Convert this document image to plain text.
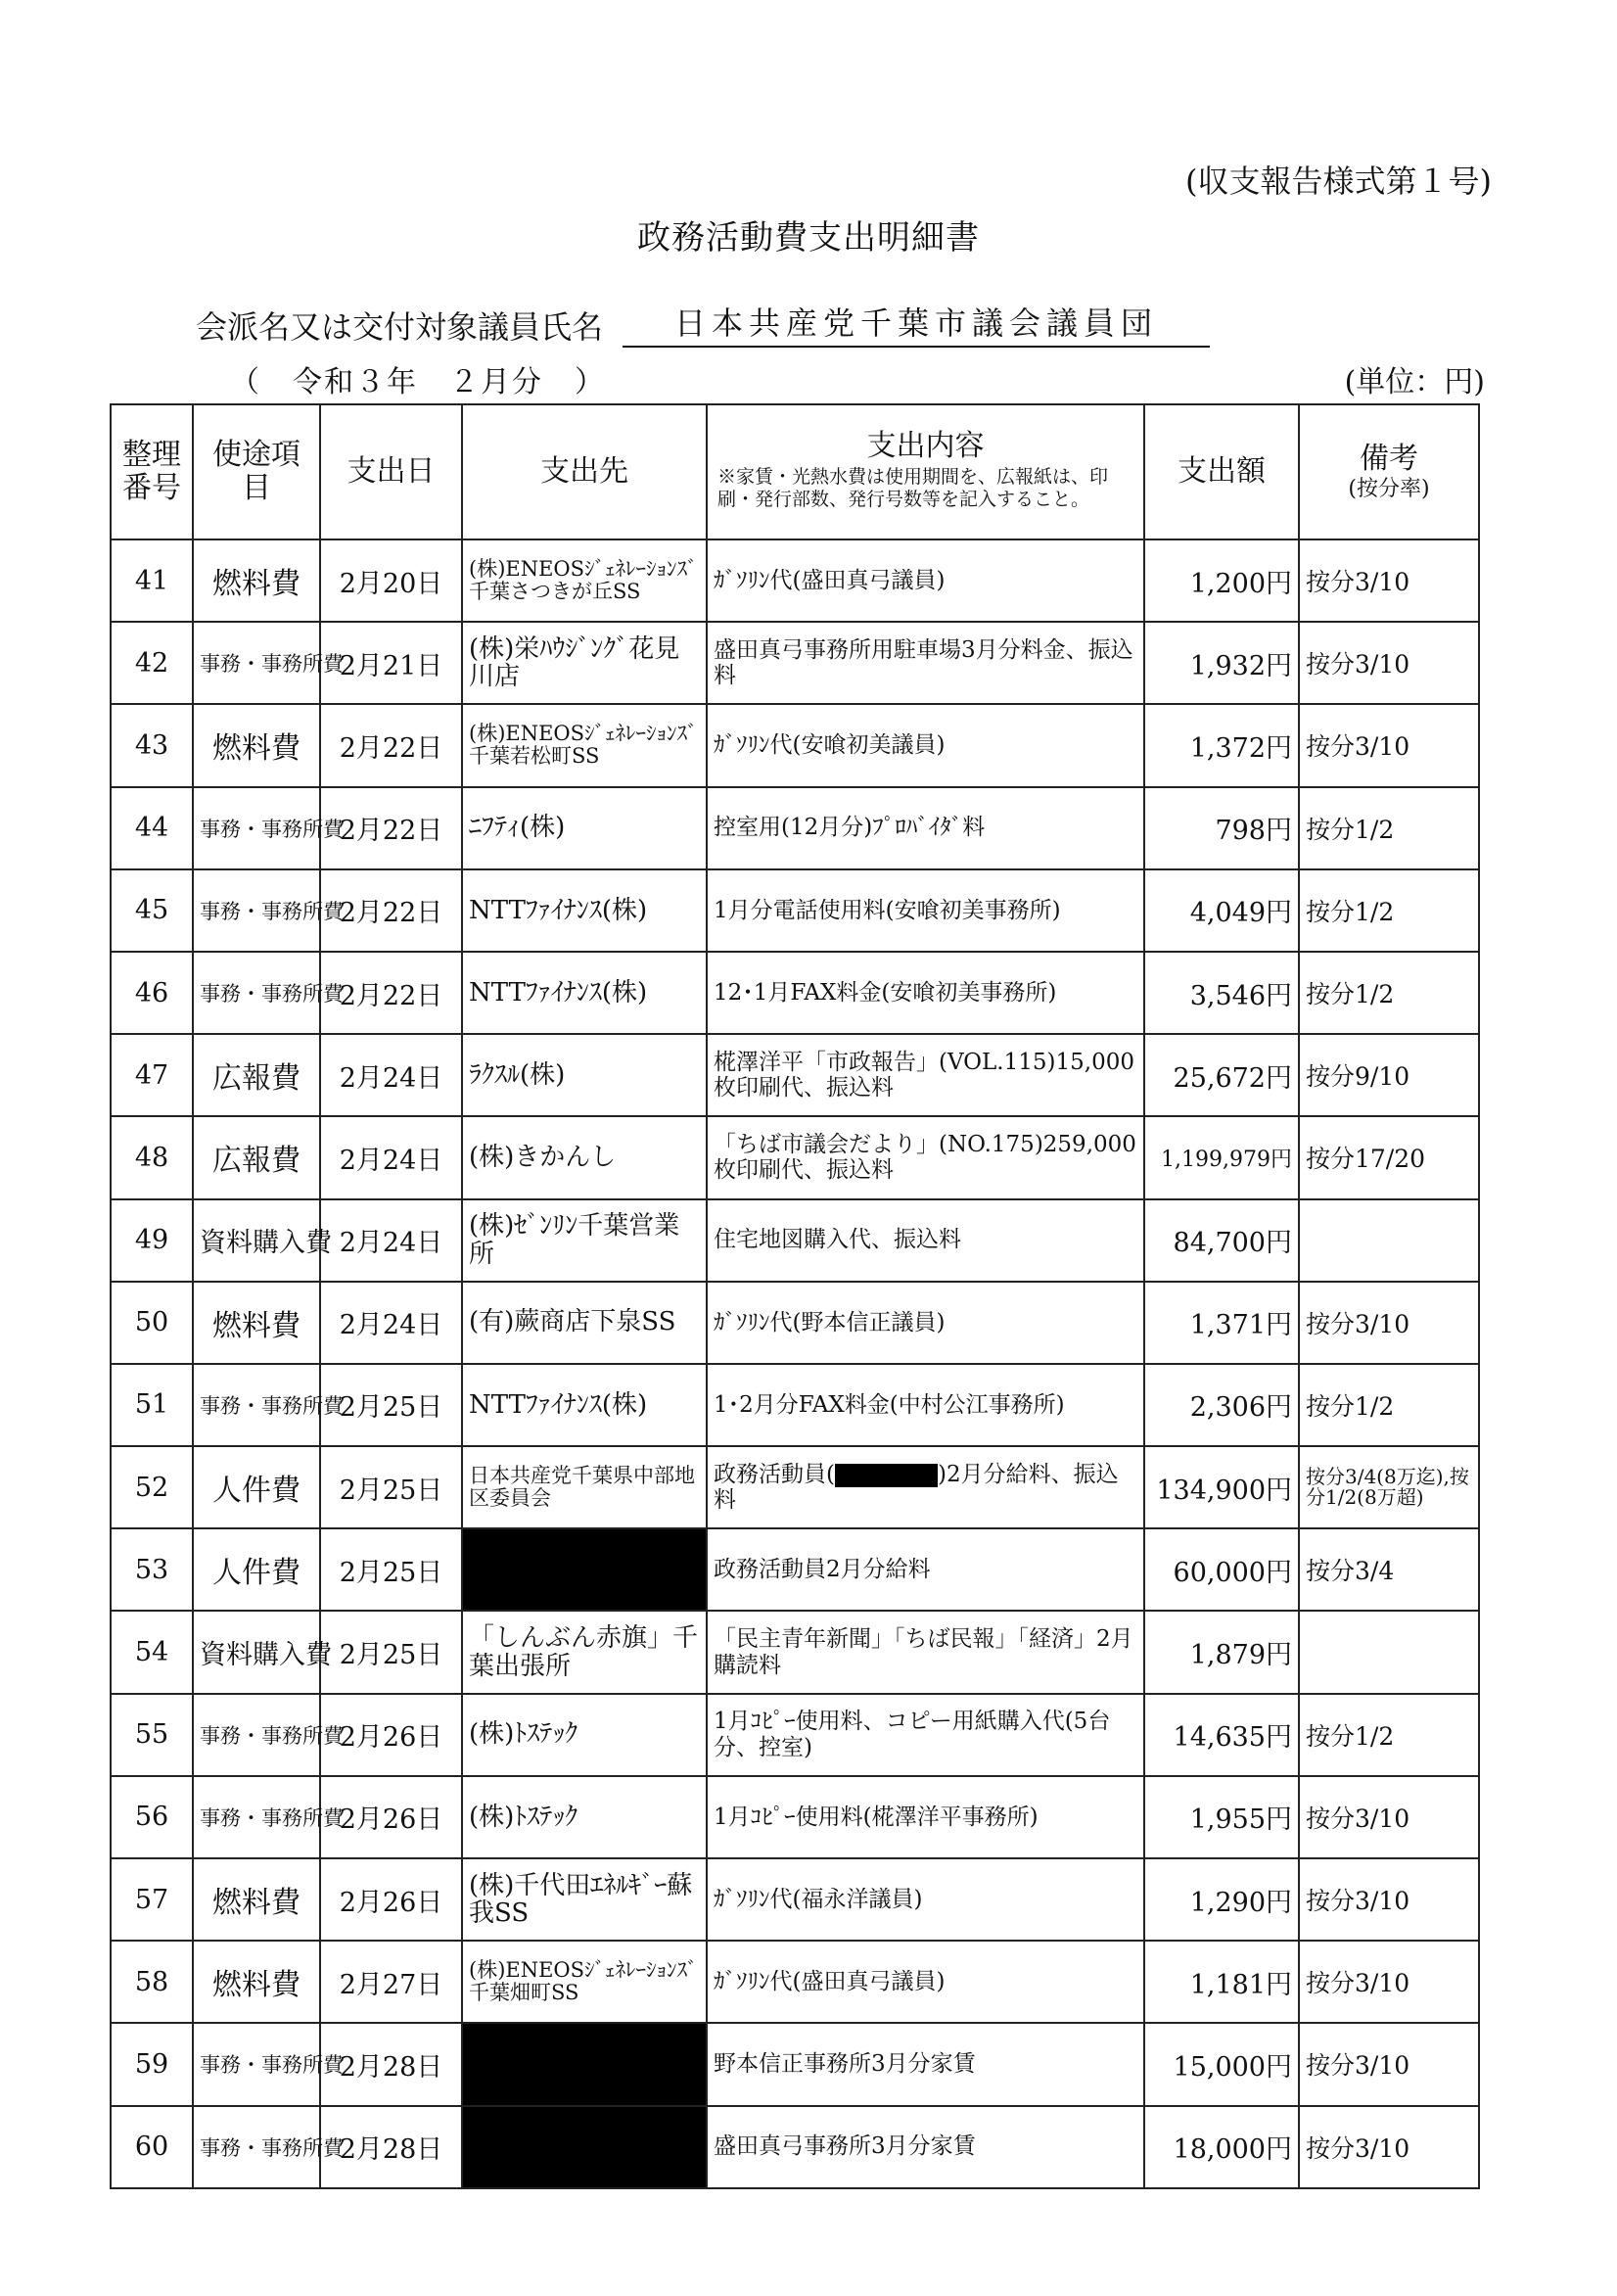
(収支報告様式第１号)
政務活動費支出明細書
会派名又は交付対象議員氏名	日本共産党千葉市議会議員団
（　令和３年　２月分　）	(単位：円)
整理
番号	使途項目	支出日	支出先	支出内容
※家賃・光熱水費は使用期間を、広報紙は、印刷・発行部数、発行号数等を記入すること。	支出額	備考
(按分率)

41	燃料費	2月20日	(株)ENEOSｼﾞｪﾈﾚｰｼｮﾝｽﾞ千葉さつきが丘SS	ｶﾞｿﾘﾝ代(盛田真弓議員)	1,200円	按分3/10
42	事務・事務所費	2月21日	(株)栄ﾊｳｼﾞﾝｸﾞ花見川店	盛田真弓事務所用駐車場3月分料金、振込料	1,932円	按分3/10
43	燃料費	2月22日	(株)ENEOSｼﾞｪﾈﾚｰｼｮﾝｽﾞ千葉若松町SS	ｶﾞｿﾘﾝ代(安喰初美議員)	1,372円	按分3/10
44	事務・事務所費	2月22日	ﾆﾌﾃｨ(株)	控室用(12月分)ﾌﾟﾛﾊﾞｲﾀﾞ料	798円	按分1/2
45	事務・事務所費	2月22日	NTTﾌｧｲﾅﾝｽ(株)	1月分電話使用料(安喰初美事務所)	4,049円	按分1/2
46	事務・事務所費	2月22日	NTTﾌｧｲﾅﾝｽ(株)	12･1月FAX料金(安喰初美事務所)	3,546円	按分1/2
47	広報費	2月24日	ﾗｸｽﾙ(株)	椛澤洋平「市政報告」(VOL.115)15,000枚印刷代、振込料	25,672円	按分9/10
48	広報費	2月24日	(株)きかんし	「ちば市議会だより」(NO.175)259,000枚印刷代、振込料	1,199,979円	按分17/20
49	資料購入費	2月24日	(株)ｾﾞﾝﾘﾝ千葉営業所	住宅地図購入代、振込料	84,700円	
50	燃料費	2月24日	(有)蕨商店下泉SS	ｶﾞｿﾘﾝ代(野本信正議員)	1,371円	按分3/10
51	事務・事務所費	2月25日	NTTﾌｧｲﾅﾝｽ(株)	1･2月分FAX料金(中村公江事務所)	2,306円	按分1/2
52	人件費	2月25日	日本共産党千葉県中部地区委員会	政務活動員( )2月分給料、振込料	134,900円	按分3/4(8万迄),按分1/2(8万超)
53	人件費	2月25日		政務活動員2月分給料	60,000円	按分3/4
54	資料購入費	2月25日	「しんぶん赤旗」千葉出張所	「民主青年新聞」「ちば民報」「経済」2月購読料	1,879円	
55	事務・事務所費	2月26日	(株)ﾄｽﾃｯｸ	1月ｺﾋﾟｰ使用料、コピー用紙購入代(5台分、控室)	14,635円	按分1/2
56	事務・事務所費	2月26日	(株)ﾄｽﾃｯｸ	1月ｺﾋﾟｰ使用料(椛澤洋平事務所)	1,955円	按分3/10
57	燃料費	2月26日	(株)千代田ｴﾈﾙｷﾞｰ蘇我SS	ｶﾞｿﾘﾝ代(福永洋議員)	1,290円	按分3/10
58	燃料費	2月27日	(株)ENEOSｼﾞｪﾈﾚｰｼｮﾝｽﾞ千葉畑町SS	ｶﾞｿﾘﾝ代(盛田真弓議員)	1,181円	按分3/10
59	事務・事務所費	2月28日		野本信正事務所3月分家賃	15,000円	按分3/10
60	事務・事務所費	2月28日		盛田真弓事務所3月分家賃	18,000円	按分3/10
